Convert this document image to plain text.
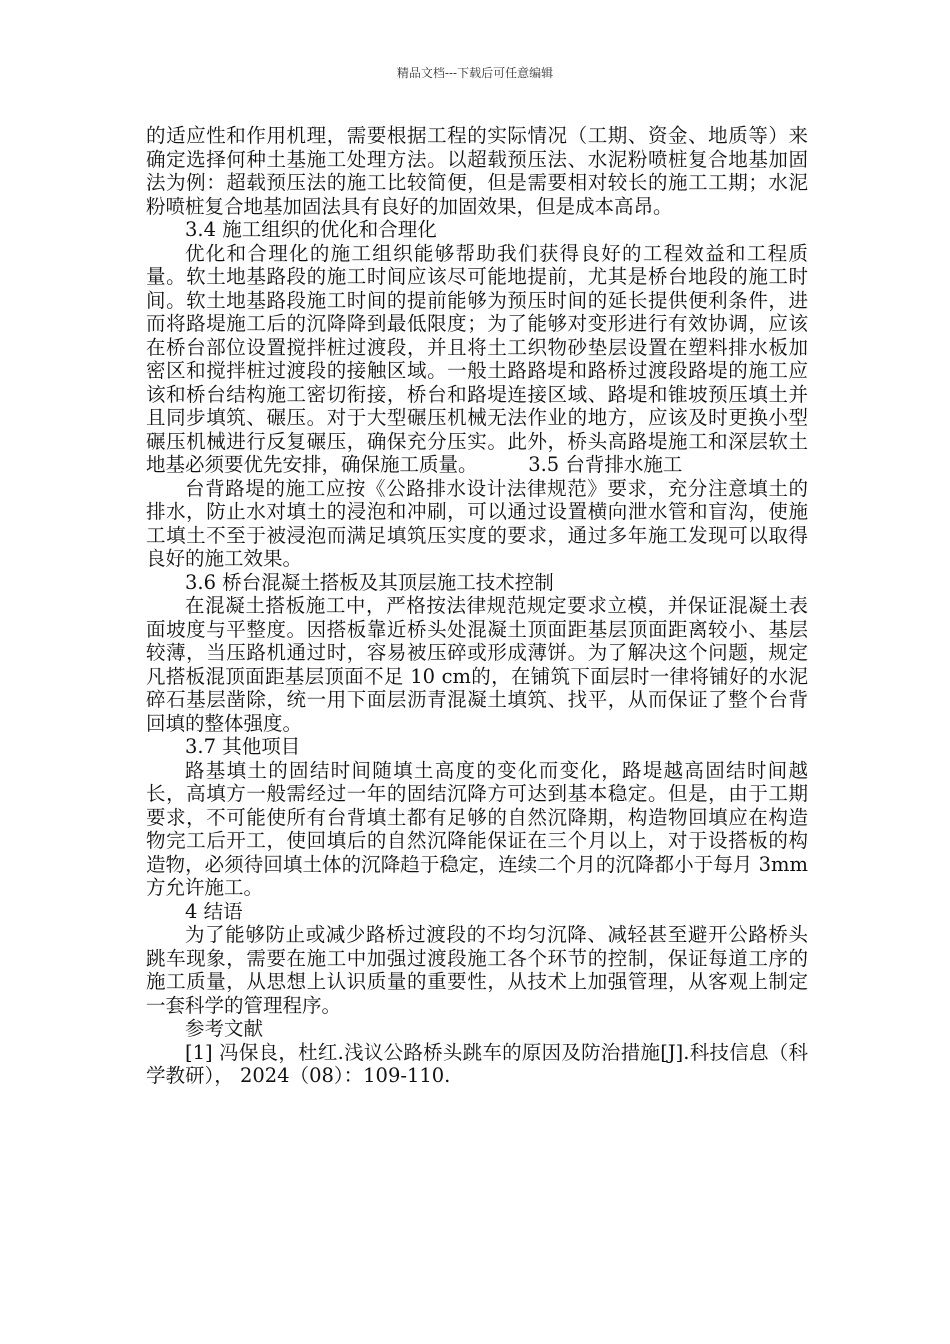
精品文档---下载后可任意编辑

的适应性和作用机理，需要根据工程的实际情况（工期、资金、地质等）来确定选择何种土基施工处理方法。以超载预压法、水泥粉喷桩复合地基加固法为例：超载预压法的施工比较简便，但是需要相对较长的施工工期；水泥粉喷桩复合地基加固法具有良好的加固效果，但是成本高昂。

3.4 施工组织的优化和合理化

优化和合理化的施工组织能够帮助我们获得良好的工程效益和工程质量。软土地基路段的施工时间应该尽可能地提前，尤其是桥台地段的施工时间。软土地基路段施工时间的提前能够为预压时间的延长提供便利条件，进而将路堤施工后的沉降降到最低限度；为了能够对变形进行有效协调，应该在桥台部位设置搅拌桩过渡段，并且将土工织物砂垫层设置在塑料排水板加密区和搅拌桩过渡段的接触区域。一般土路路堤和路桥过渡段路堤的施工应该和桥台结构施工密切衔接，桥台和路堤连接区域、路堤和锥坡预压填土并且同步填筑、碾压。对于大型碾压机械无法作业的地方，应该及时更换小型碾压机械进行反复碾压，确保充分压实。此外，桥头高路堤施工和深层软土地基必须要优先安排，确保施工质量。	3.5 台背排水施工

台背路堤的施工应按《公路排水设计法律规范》要求，充分注意填土的排水，防止水对填土的浸泡和冲刷，可以通过设置横向泄水管和盲沟，使施工填土不至于被浸泡而满足填筑压实度的要求，通过多年施工发现可以取得良好的施工效果。

3.6 桥台混凝土搭板及其顶层施工技术控制

在混凝土搭板施工中，严格按法律规范规定要求立模，并保证混凝土表面坡度与平整度。因搭板靠近桥头处混凝土顶面距基层顶面距离较小、基层较薄，当压路机通过时，容易被压碎或形成薄饼。为了解决这个问题，规定凡搭板混顶面距基层顶面不足 10 cm的，在铺筑下面层时一律将铺好的水泥碎石基层凿除，统一用下面层沥青混凝土填筑、找平，从而保证了整个台背回填的整体强度。

3.7 其他项目

路基填土的固结时间随填土高度的变化而变化，路堤越高固结时间越长，高填方一般需经过一年的固结沉降方可达到基本稳定。但是，由于工期要求，不可能使所有台背填土都有足够的自然沉降期，构造物回填应在构造物完工后开工，使回填后的自然沉降能保证在三个月以上，对于设搭板的构造物，必须待回填土体的沉降趋于稳定，连续二个月的沉降都小于每月 3mm 方允许施工。

4 结语

为了能够防止或减少路桥过渡段的不均匀沉降、减轻甚至避开公路桥头跳车现象，需要在施工中加强过渡段施工各个环节的控制，保证每道工序的施工质量，从思想上认识质量的重要性，从技术上加强管理，从客观上制定一套科学的管理程序。

参考文献

[1] 冯保良，杜红.浅议公路桥头跳车的原因及防治措施[J].科技信息（科学教研）， 2024（08）：109-110.
